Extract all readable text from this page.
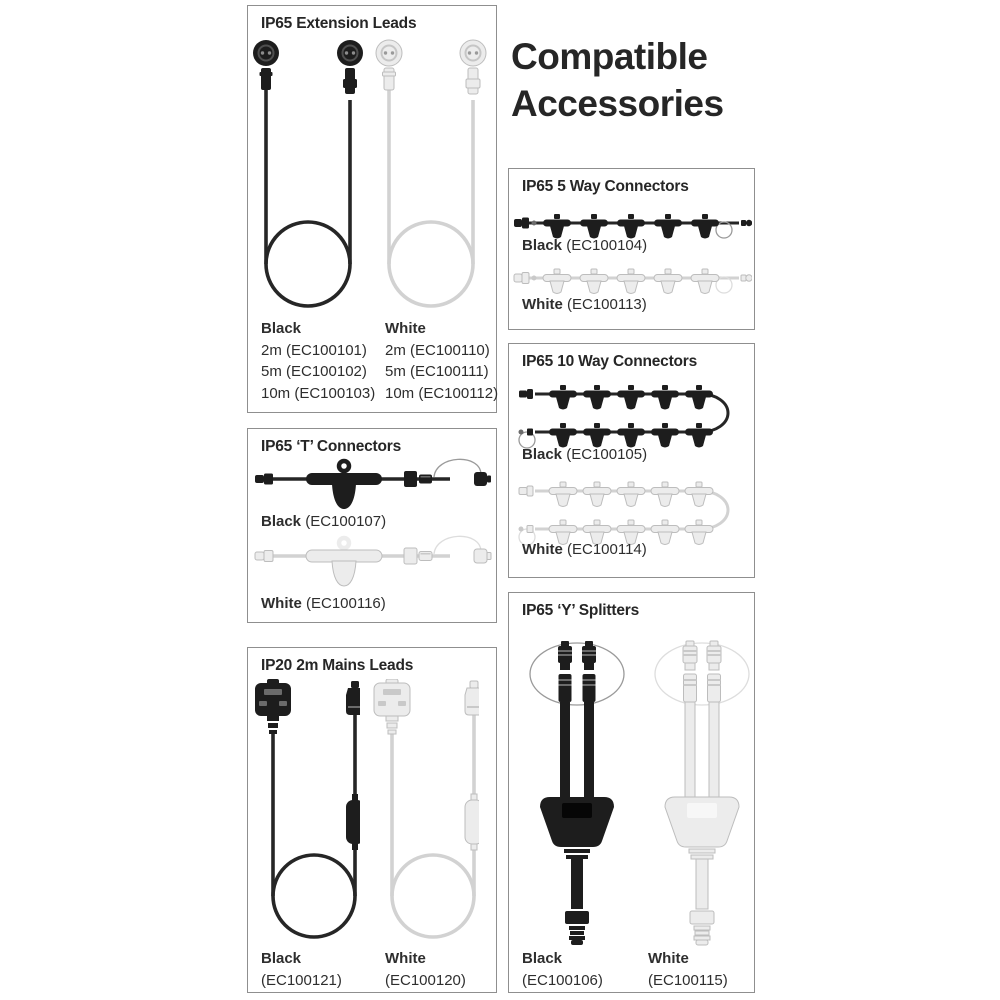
Compatible
Accessories
IP65 Extension Leads
Black
2m (EC100101)
5m (EC100102)
10m (EC100103)
White
2m (EC100110)
5m (EC100111)
10m (EC100112)
IP65 ‘T’ Connectors
Black (EC100107)
White (EC100116)
IP20 2m Mains Leads
Black
(EC100121)
White
(EC100120)
IP65 5 Way Connectors
Black (EC100104)
White (EC100113)
IP65 10 Way Connectors
Black (EC100105)
White (EC100114)
IP65 ‘Y’ Splitters
Black
(EC100106)
White
(EC100115)
